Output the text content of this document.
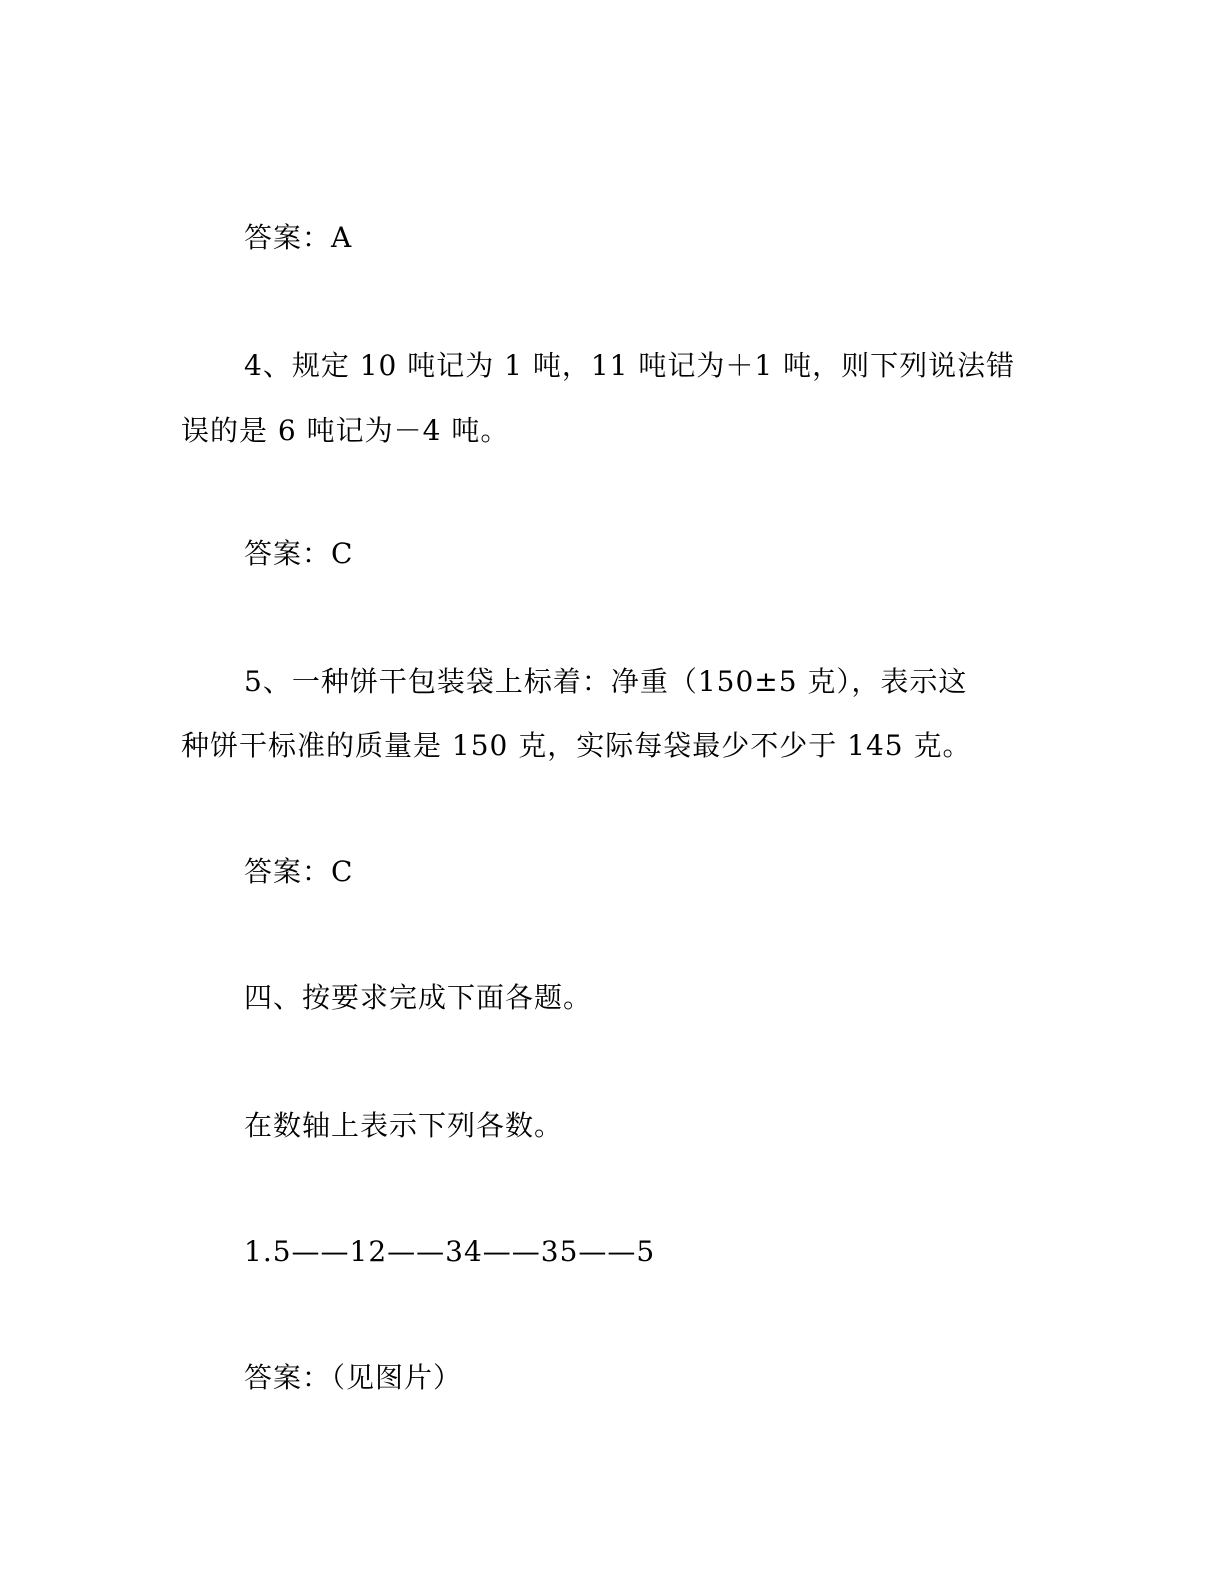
答案：A

4、规定 10 吨记为 1 吨，11 吨记为＋1 吨，则下列说法错

误的是 6 吨记为－4 吨。

答案：C

5、一种饼干包装袋上标着：净重（150±5 克），表示这

种饼干标准的质量是 150 克，实际每袋最少不少于 145 克。

答案：C

四、按要求完成下面各题。

在数轴上表示下列各数。

1.5——12——34——35——5

答案：（见图片）
